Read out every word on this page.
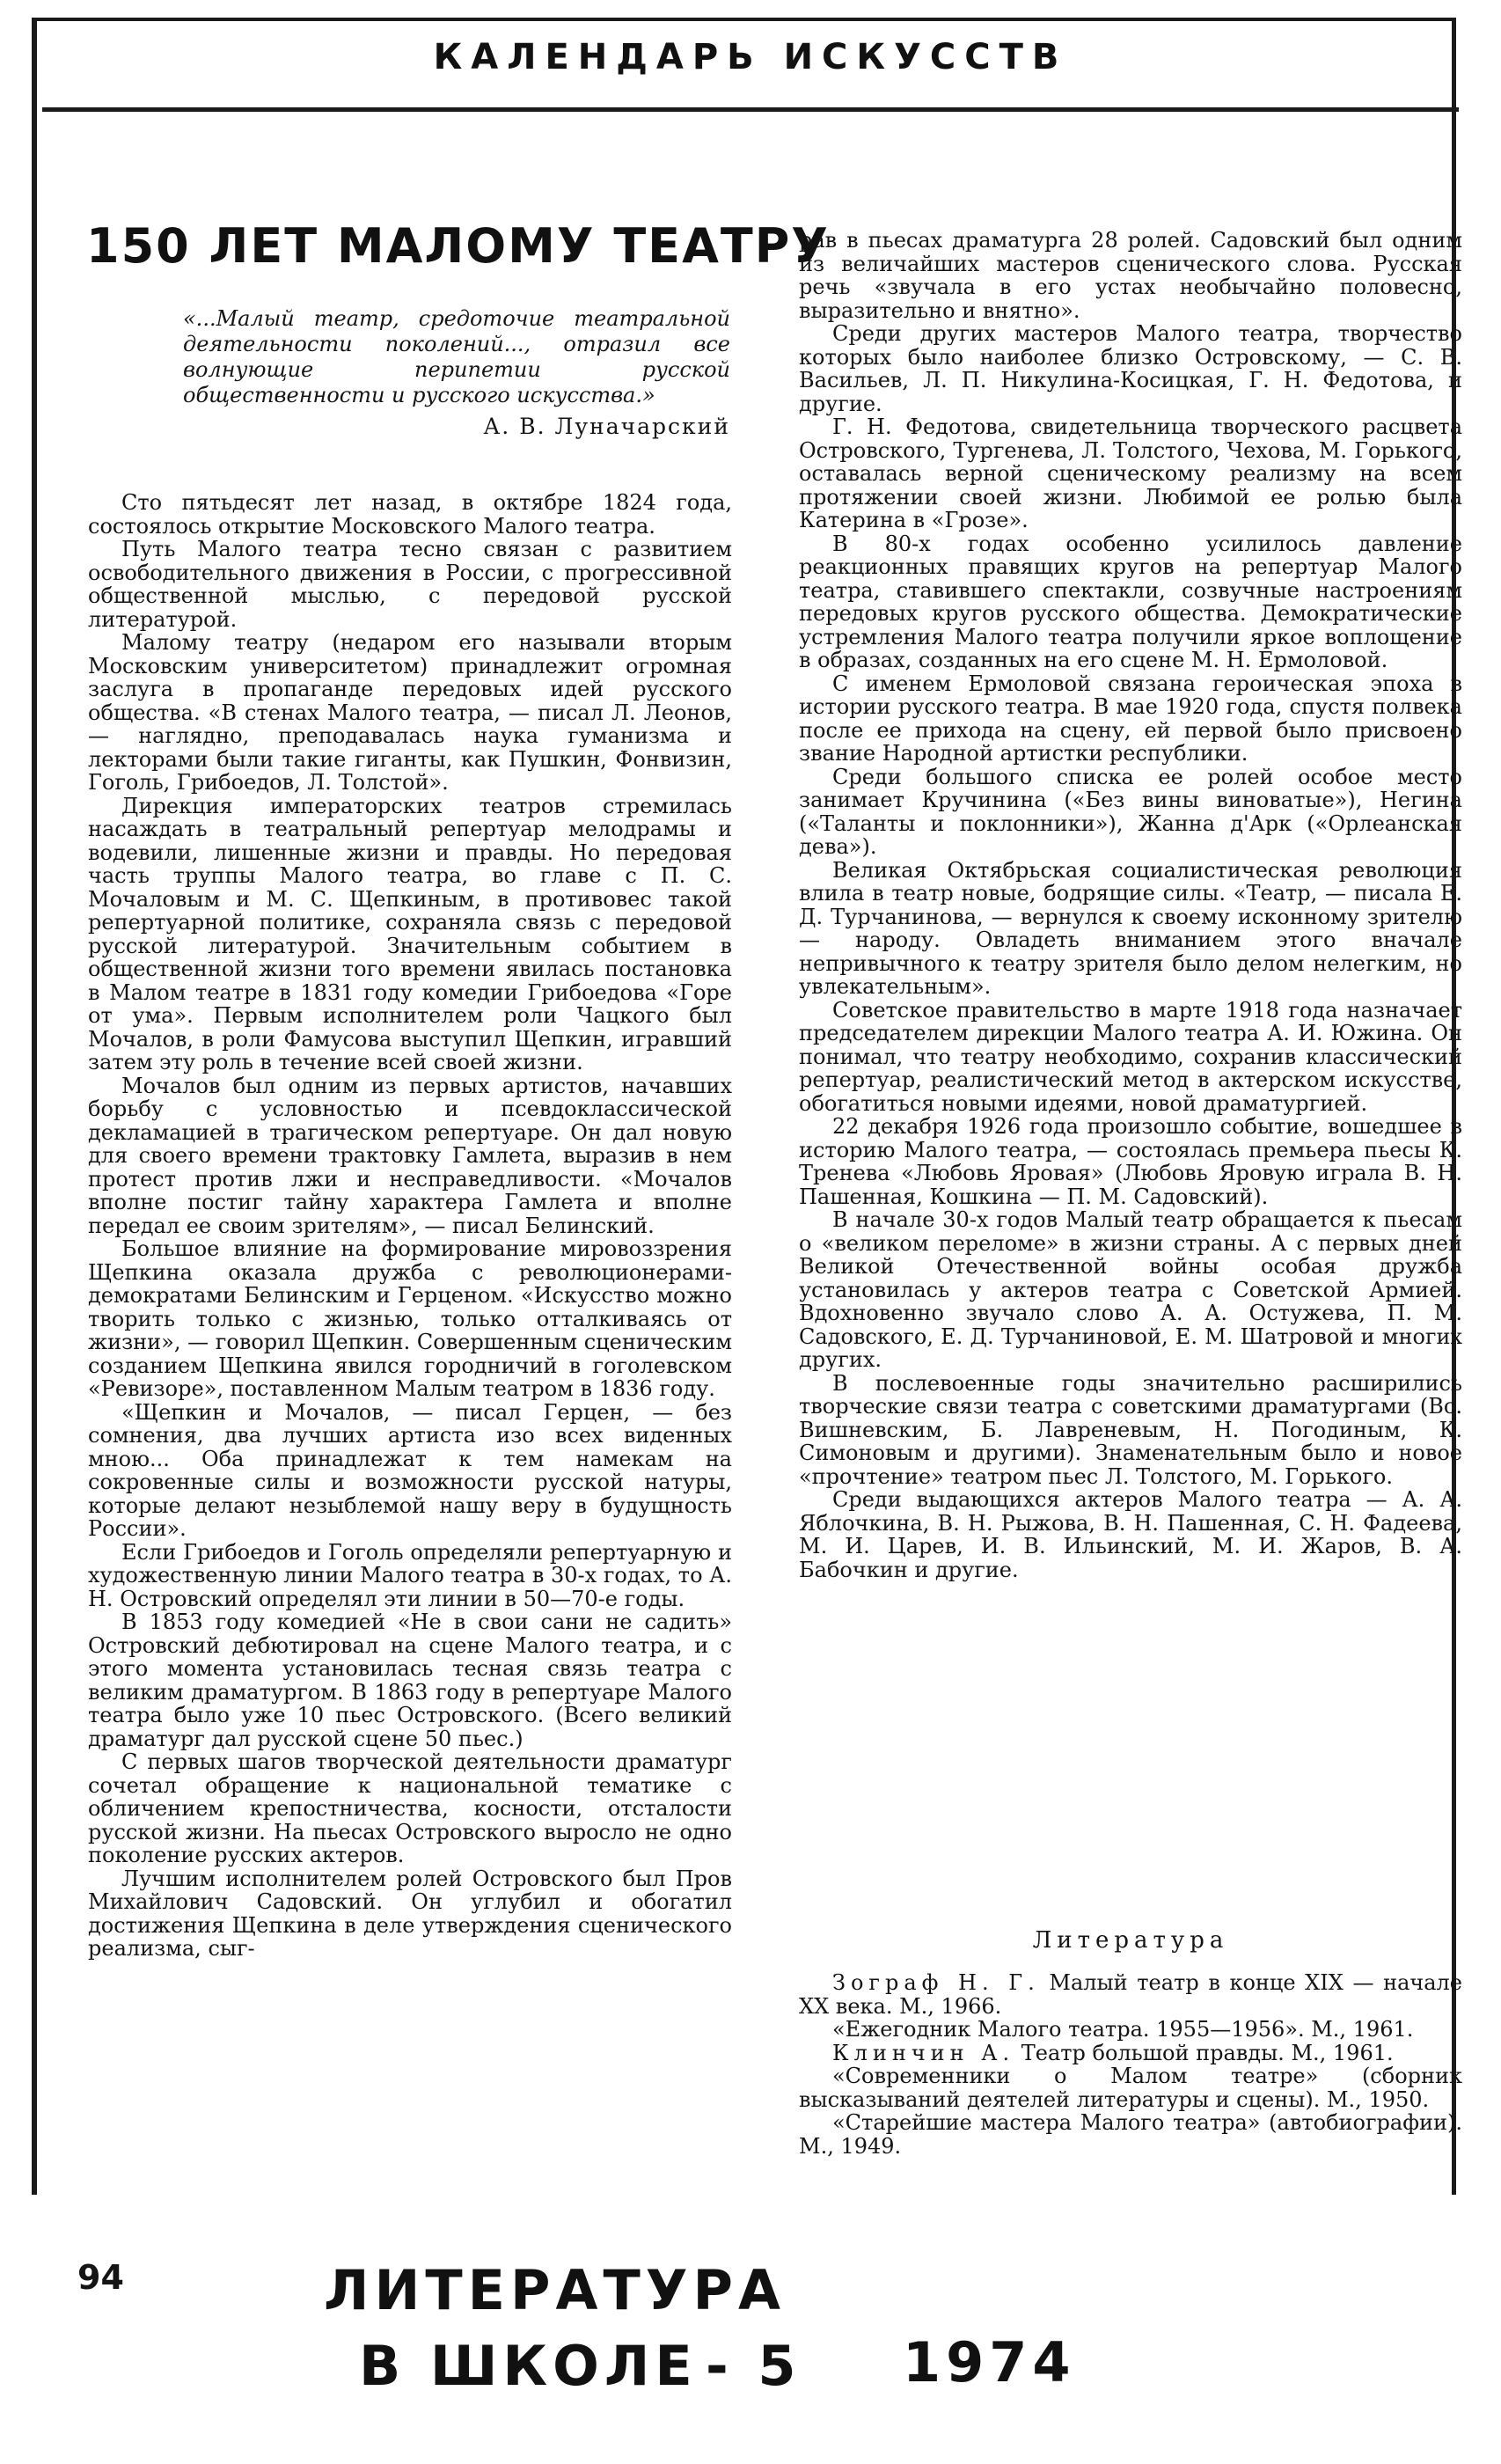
КАЛЕНДАРЬ ИСКУССТВ
150 ЛЕТ МАЛОМУ ТЕАТРУ
«...Малый театр, средоточие театральной деятельности поколений..., отразил все волнующие перипетии русской общественности и русского искусства.»
А. В. Луначарский

Сто пятьдесят лет назад, в октябре 1824 года, состоялось открытие Московского Малого театра.

Путь Малого театра тесно связан с развитием освободительного движения в России, с прогрессивной общественной мыслью, с передовой русской литературой.

Малому театру (недаром его называли вторым Московским университетом) принадлежит огромная заслуга в пропаганде передовых идей русского общества. «В стенах Малого театра, — писал Л. Леонов, — наглядно, преподавалась наука гуманизма и лекторами были такие гиганты, как Пушкин, Фонвизин, Гоголь, Грибоедов, Л. Толстой».

Дирекция императорских театров стремилась насаждать в театральный репертуар мелодрамы и водевили, лишенные жизни и правды. Но передовая часть труппы Малого театра, во главе с П. С. Мочаловым и М. С. Щепкиным, в противовес такой репертуарной политике, сохраняла связь с передовой русской литературой. Значительным событием в общественной жизни того времени явилась постановка в Малом театре в 1831 году комедии Грибоедова «Горе от ума». Первым исполнителем роли Чацкого был Мочалов, в роли Фамусова выступил Щепкин, игравший затем эту роль в течение всей своей жизни.

Мочалов был одним из первых артистов, начавших борьбу с условностью и псевдоклассической декламацией в трагическом репертуаре. Он дал новую для своего времени трактовку Гамлета, выразив в нем протест против лжи и несправедливости. «Мочалов вполне постиг тайну характера Гамлета и вполне передал ее своим зрителям», — писал Белинский.

Большое влияние на формирование мировоззрения Щепкина оказала дружба с революционерами-демократами Белинским и Герценом. «Искусство можно творить только с жизнью, только отталкиваясь от жизни», — говорил Щепкин. Совершенным сценическим созданием Щепкина явился городничий в гоголевском «Ревизоре», поставленном Малым театром в 1836 году.

«Щепкин и Мочалов, — писал Герцен, — без сомнения, два лучших артиста изо всех виденных мною... Оба принадлежат к тем намекам на сокровенные силы и возможности русской натуры, которые делают незыблемой нашу веру в будущность России».

Если Грибоедов и Гоголь определяли репертуарную и художественную линии Малого театра в 30-х годах, то А. Н. Островский определял эти линии в 50—70-е годы.

В 1853 году комедией «Не в свои сани не садить» Островский дебютировал на сцене Малого театра, и с этого момента установилась тесная связь театра с великим драматургом. В 1863 году в репертуаре Малого театра было уже 10 пьес Островского. (Всего великий драматург дал русской сцене 50 пьес.)

С первых шагов творческой деятельности драматург сочетал обращение к национальной тематике с обличением крепостничества, косности, отсталости русской жизни. На пьесах Островского выросло не одно поколение русских актеров.

Лучшим исполнителем ролей Островского был Пров Михайлович Садовский. Он углубил и обогатил достижения Щепкина в деле утверждения сценического реализма, сыг-

рав в пьесах драматурга 28 ролей. Садовский был одним из величайших мастеров сценического слова. Русская речь «звучала в его устах необычайно половесно, выразительно и внятно».

Среди других мастеров Малого театра, творчество которых было наиболее близко Островскому, — С. В. Васильев, Л. П. Никулина-Косицкая, Г. Н. Федотова, и другие.

Г. Н. Федотова, свидетельница творческого расцвета Островского, Тургенева, Л. Толстого, Чехова, М. Горького, оставалась верной сценическому реализму на всем протяжении своей жизни. Любимой ее ролью была Катерина в «Грозе».

В 80-х годах особенно усилилось давление реакционных правящих кругов на репертуар Малого театра, ставившего спектакли, созвучные настроениям передовых кругов русского общества. Демократические устремления Малого театра получили яркое воплощение в образах, созданных на его сцене М. Н. Ермоловой.

С именем Ермоловой связана героическая эпоха в истории русского театра. В мае 1920 года, спустя полвека после ее прихода на сцену, ей первой было присвоено звание Народной артистки республики.

Среди большого списка ее ролей особое место занимает Кручинина («Без вины виноватые»), Негина («Таланты и поклонники»), Жанна д'Арк («Орлеанская дева»).

Великая Октябрьская социалистическая революция влила в театр новые, бодрящие силы. «Театр, — писала Е. Д. Турчанинова, — вернулся к своему исконному зрителю — народу. Овладеть вниманием этого вначале непривычного к театру зрителя было делом нелегким, но увлекательным».

Советское правительство в марте 1918 года назначает председателем дирекции Малого театра А. И. Южина. Он понимал, что театру необходимо, сохранив классический репертуар, реалистический метод в актерском искусстве, обогатиться новыми идеями, новой драматургией.

22 декабря 1926 года произошло событие, вошедшее в историю Малого театра, — состоялась премьера пьесы К. Тренева «Любовь Яровая» (Любовь Яровую играла В. Н. Пашенная, Кошкина — П. М. Садовский).

В начале 30-х годов Малый театр обращается к пьесам о «великом переломе» в жизни страны. А с первых дней Великой Отечественной войны особая дружба установилась у актеров театра с Советской Армией. Вдохновенно звучало слово А. А. Остужева, П. М. Садовского, Е. Д. Турчаниновой, Е. М. Шатровой и многих других.

В послевоенные годы значительно расширились творческие связи театра с советскими драматургами (Вс. Вишневским, Б. Лавреневым, Н. Погодиным, К. Симоновым и другими). Знаменательным было и новое «прочтение» театром пьес Л. Толстого, М. Горького.

Среди выдающихся актеров Малого театра — А. А. Яблочкина, В. Н. Рыжова, В. Н. Пашенная, С. Н. Фадеева, М. И. Царев, И. В. Ильинский, М. И. Жаров, В. А. Бабочкин и другие.

Литература

Зограф Н. Г. Малый театр в конце XIX — начале XX века. М., 1966.

«Ежегодник Малого театра. 1955—1956». М., 1961.

Клинчин А. Театр большой правды. М., 1961.

«Современники о Малом театре» (сборник высказываний деятелей литературы и сцены). М., 1950.

«Старейшие мастера Малого театра» (автобиографии). М., 1949.

94	ЛИТЕРАТУРА
В ШКОЛЕ - 5 1974
